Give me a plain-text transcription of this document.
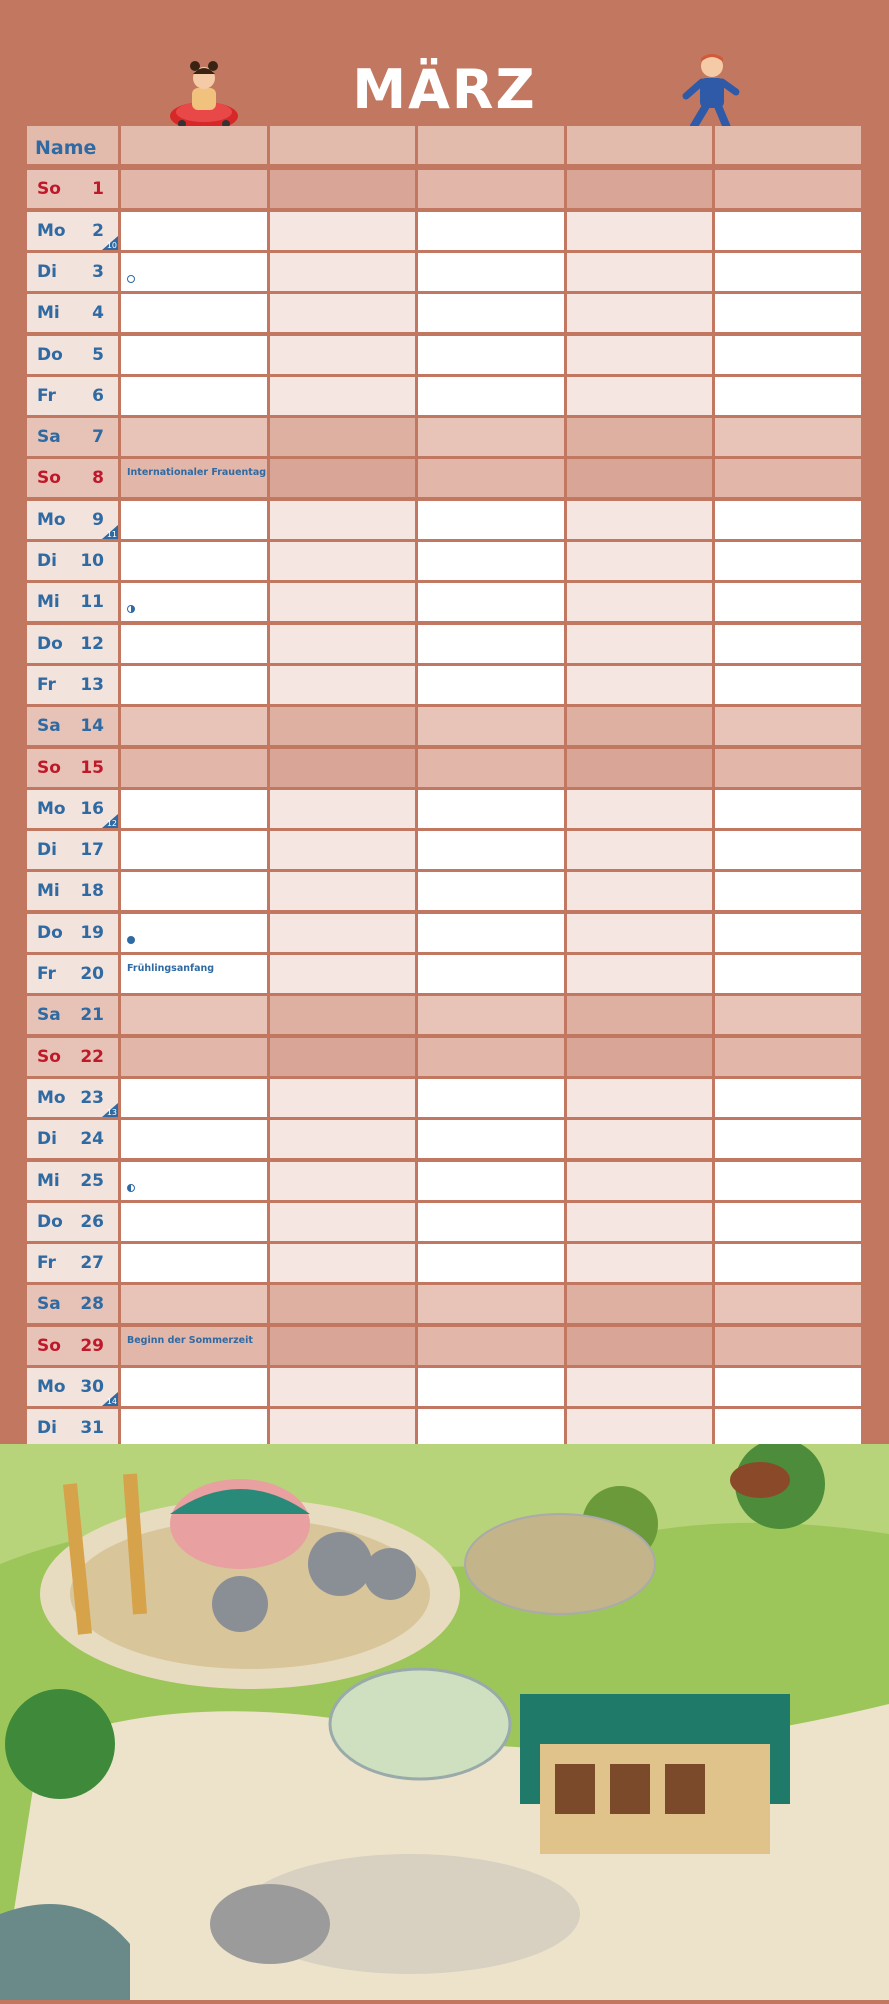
MÄRZ
Name
So 1
Mo 2
10
Di 3
Mi 4
Do 5
Fr 6
Sa 7
So 8 Internationaler Frauentag
Mo 9
11
Di 10
Mi 11
Do 12
Fr 13
Sa 14
So 15
Mo 16
12
Di 17
Mi 18
Do 19
Fr 20 Frühlingsanfang
Sa 21
So 22
Mo 23
13
Di 24
Mi 25
Do 26
Fr 27
Sa 28
So 29 Beginn der Sommerzeit
Mo 30
14
Di 31
